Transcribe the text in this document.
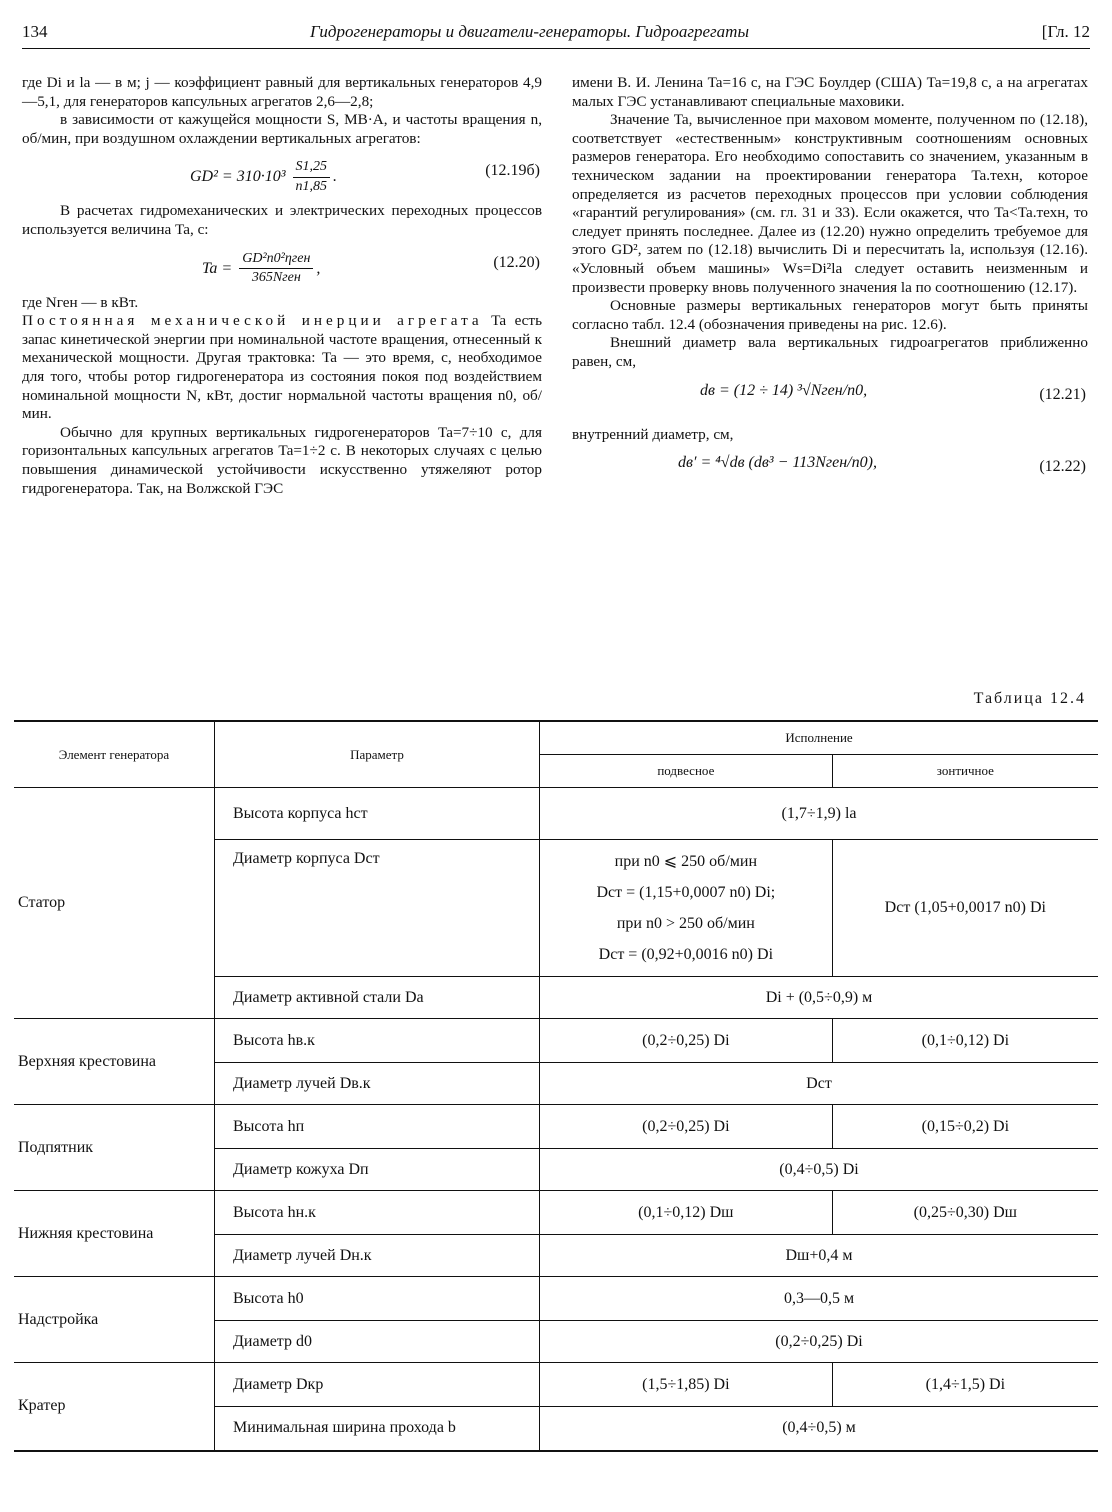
134	Гидрогенераторы и двигатели-генераторы. Гидроагрегаты	[Гл. 12

где Di и la — в м; j — коэффициент равный для вертикальных генераторов 4,9—5,1, для генераторов капсульных агрегатов 2,6—2,8;

в зависимости от кажущейся мощности S, МВ·А, и частоты вращения n, об/мин, при воздушном охлаждении вертикальных агрегатов:

$GD^2 = 310\cdot 10^3 \frac{S1,25}{n1,85}$ .	(12.19б)

В расчетах гидромеханических и электрических переходных процессов используется величина Ta, с:

$Ta = \frac{\text{GD²n0²ηген}}{\text{365Nген}}$ ,	(12.20)

где Nген — в кВт.

Постоянная механической инерции агрегата Ta есть запас кинетической энергии при номинальной частоте вращения, отнесенный к механической мощности. Другая трактовка: Ta — это время, с, необходимое для того, чтобы ротор гидрогенератора из состояния покоя под воздействием номинальной мощности N, кВт, достиг нормальной частоты вращения n0, об/мин.

Обычно для крупных вертикальных гидрогенераторов Ta=7÷10 с, для горизонтальных капсульных агрегатов Ta=1÷2 с. В некоторых случаях с целью повышения динамической устойчивости искусственно утяжеляют ротор гидрогенератора. Так, на Волжской ГЭС

имени В. И. Ленина Ta=16 с, на ГЭС Боулдер (США) Ta=19,8 с, а на агрегатах малых ГЭС устанавливают специальные маховики.

Значение Ta, вычисленное при маховом моменте, полученном по (12.18), соответствует «естественным» конструктивным соотношениям основных размеров генератора. Его необходимо сопоставить со значением, указанным в техническом задании на проектировании генератора Ta.техн, которое определяется из расчетов переходных процессов при условии соблюдения «гарантий регулирования» (см. гл. 31 и 33). Если окажется, что Ta<Ta.техн, то следует принять последнее. Далее из (12.20) нужно определить требуемое для этого GD², затем по (12.18) вычислить Di и пересчитать la, используя (12.16). «Условный объем машины» Ws=Di²la следует оставить неизменным и произвести проверку вновь полученного значения la по соотношению (12.17).

Основные размеры вертикальных генераторов могут быть приняты согласно табл. 12.4 (обозначения приведены на рис. 12.6).

Внешний диаметр вала вертикальных гидроагрегатов приближенно равен, см,

dв = (12 ÷ 14) ³√Nген/n0,	(12.21)

внутренний диаметр, см,

dв′ = ⁴√dв (dв³ − 113Nген/n0),	(12.22)
Таблица 12.4
Элемент генератора	Параметр	Исполнение	
		подвесное	зонтичное
Статор	Высота корпуса hст	(1,7÷1,9) la	
	Диаметр корпуса Dст	при n0 ⩽ 250 об/мин
Dст = (1,15+0,0007 n0) Di;
при n0 > 250 об/мин
Dст = (0,92+0,0016 n0) Di	Dст (1,05+0,0017 n0) Di
	Диаметр активной стали Da	Di + (0,5÷0,9) м	
Верхняя крестовина	Высота hв.к	(0,2÷0,25) Di	(0,1÷0,12) Di
	Диаметр лучей Dв.к	Dст	
Подпятник	Высота hп	(0,2÷0,25) Di	(0,15÷0,2) Di
	Диаметр кожуха Dп	(0,4÷0,5) Di	
Нижняя крестовина	Высота hн.к	(0,1÷0,12) Dш	(0,25÷0,30) Dш
	Диаметр лучей Dн.к	Dш+0,4 м	
Надстройка	Высота h0	0,3—0,5 м	
	Диаметр d0	(0,2÷0,25) Di	
Кратер	Диаметр Dкр	(1,5÷1,85) Di	(1,4÷1,5) Di
	Минимальная ширина прохода b	(0,4÷0,5) м	
